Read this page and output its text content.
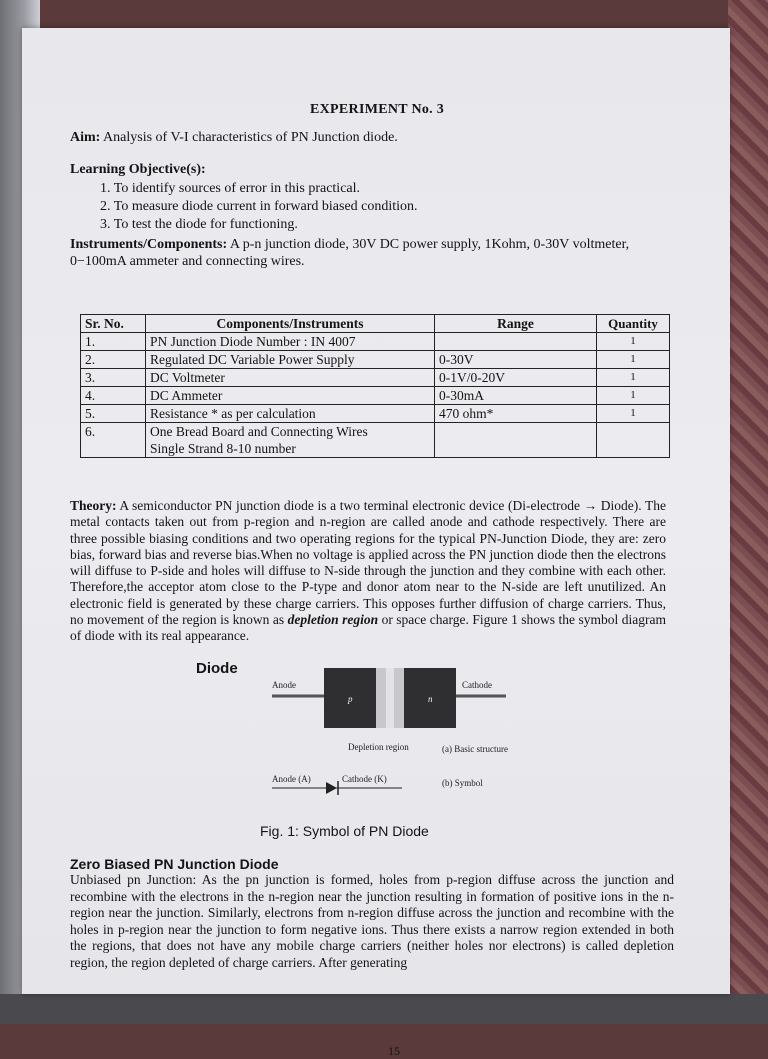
EXPERIMENT No. 3
Aim: Analysis of V-I characteristics of PN Junction diode.
Learning Objective(s):
1. To identify sources of error in this practical.
2. To measure diode current in forward biased condition.
3. To test the diode for functioning.
Instruments/Components: A p-n junction diode, 30V DC power supply, 1Kohm, 0-30V voltmeter, 0−100mA ammeter and connecting wires.
Sr. No.	Components/Instruments	Range	Quantity
1.	PN Junction Diode Number : IN 4007		1
2.	Regulated DC Variable Power Supply	0-30V	1
3.	DC Voltmeter	0-1V/0-20V	1
4.	DC Ammeter	0-30mA	1
5.	Resistance * as per calculation	470 ohm*	1
6.	One Bread Board and Connecting Wires
Single Strand 8-10 number		

Theory: A semiconductor PN junction diode is a two terminal electronic device (Di-electrode → Diode). The metal contacts taken out from p-region and n-region are called anode and cathode respectively. There are three possible biasing conditions and two operating regions for the typical PN-Junction Diode, they are: zero bias, forward bias and reverse bias.When no voltage is applied across the PN junction diode then the electrons will diffuse to P-side and holes will diffuse to N-side through the junction and they combine with each other. Therefore,the acceptor atom close to the P-type and donor atom near to the N-side are left unutilized. An electronic field is generated by these charge carriers. This opposes further diffusion of charge carriers. Thus, no movement of the region is known as depletion region or space charge. Figure 1 shows the symbol diagram of diode with its real appearance.
Diode
Anode	Cathode
p	n
Depletion region	(a) Basic structure
Anode (A)	Cathode (K)	(b) Symbol
Fig. 1: Symbol of PN Diode
Zero Biased PN Junction Diode
Unbiased pn Junction: As the pn junction is formed, holes from p-region diffuse across the junction and recombine with the electrons in the n-region near the junction resulting in formation of positive ions in the n-region near the junction. Similarly, electrons from n-region diffuse across the junction and recombine with the holes in p-region near the junction to form negative ions. Thus there exists a narrow region extended in both the regions, that does not have any mobile charge carriers (neither holes nor electrons) is called depletion region, the region depleted of charge carriers. After generating
15
